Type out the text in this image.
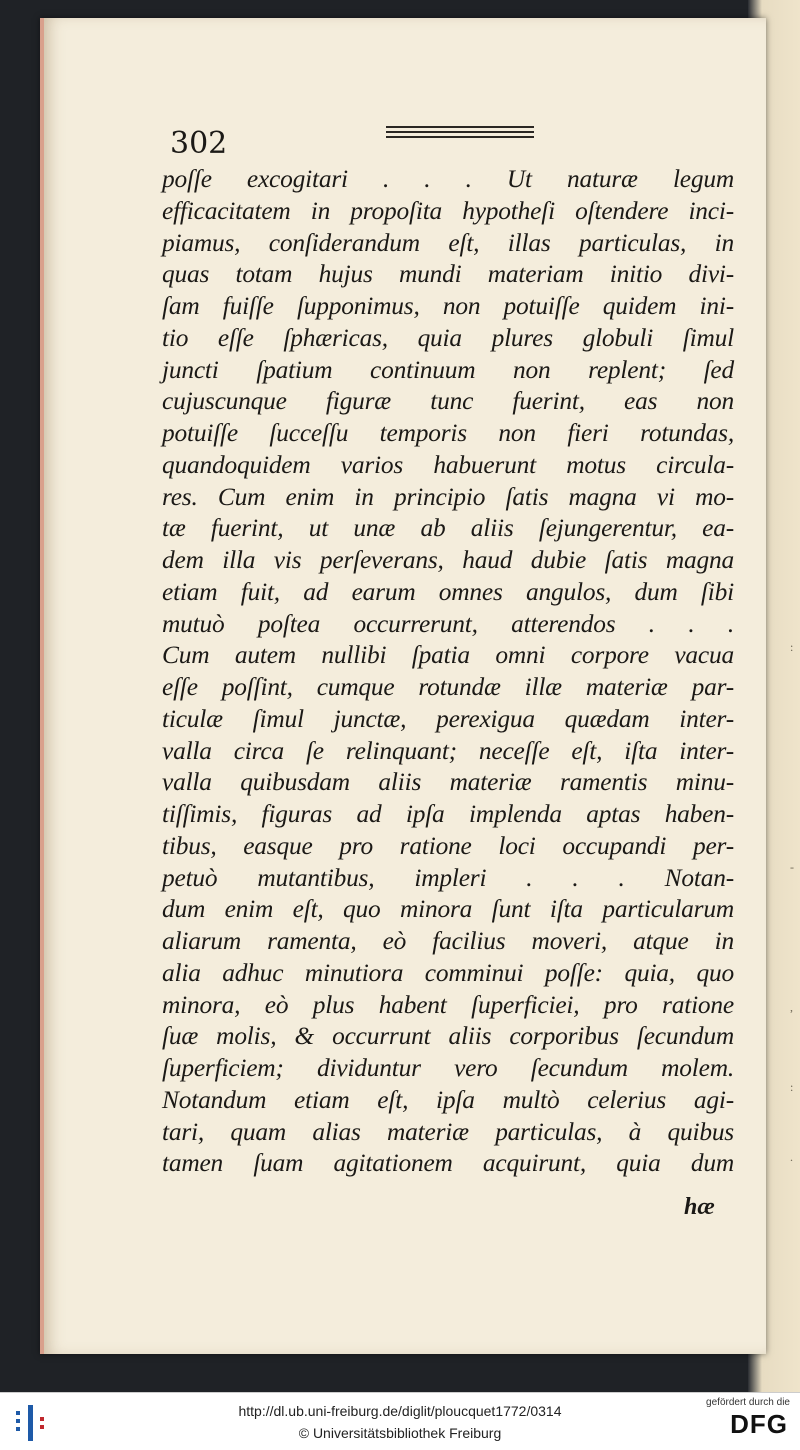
:
-
,
:
.
302
poſſe excogitari . . . Ut naturæ legum
efficacitatem in propoſita hypotheſi oſtendere inci-
piamus, conſiderandum eſt, illas particulas, in
quas totam hujus mundi materiam initio divi-
ſam fuiſſe ſupponimus, non potuiſſe quidem ini-
tio eſſe ſphæricas, quia plures globuli ſimul
juncti ſpatium continuum non replent; ſed
cujuscunque figuræ tunc fuerint, eas non
potuiſſe ſucceſſu temporis non fieri rotundas,
quandoquidem varios habuerunt motus circula-
res. Cum enim in principio ſatis magna vi mo-
tæ fuerint, ut unæ ab aliis ſejungerentur, ea-
dem illa vis perſeverans, haud dubie ſatis magna
etiam fuit, ad earum omnes angulos, dum ſibi
mutuò poſtea occurrerunt, atterendos . . .
Cum autem nullibi ſpatia omni corpore vacua
eſſe poſſint, cumque rotundæ illæ materiæ par-
ticulæ ſimul junctæ, perexigua quædam inter-
valla circa ſe relinquant; neceſſe eſt, iſta inter-
valla quibusdam aliis materiæ ramentis minu-
tiſſimis, figuras ad ipſa implenda aptas haben-
tibus, easque pro ratione loci occupandi per-
petuò mutantibus, impleri . . . Notan-
dum enim eſt, quo minora ſunt iſta particularum
aliarum ramenta, eò facilius moveri, atque in
alia adhuc minutiora comminui poſſe: quia, quo
minora, eò plus habent ſuperficiei, pro ratione
ſuæ molis, & occurrunt aliis corporibus ſecundum
ſuperficiem; dividuntur vero ſecundum molem.
Notandum etiam eſt, ipſa multò celerius agi-
tari, quam alias materiæ particulas, à quibus
tamen ſuam agitationem acquirunt, quia dum
hæ
http://dl.ub.uni-freiburg.de/diglit/ploucquet1772/0314
© Universitätsbibliothek Freiburg
gefördert durch die
DFG
